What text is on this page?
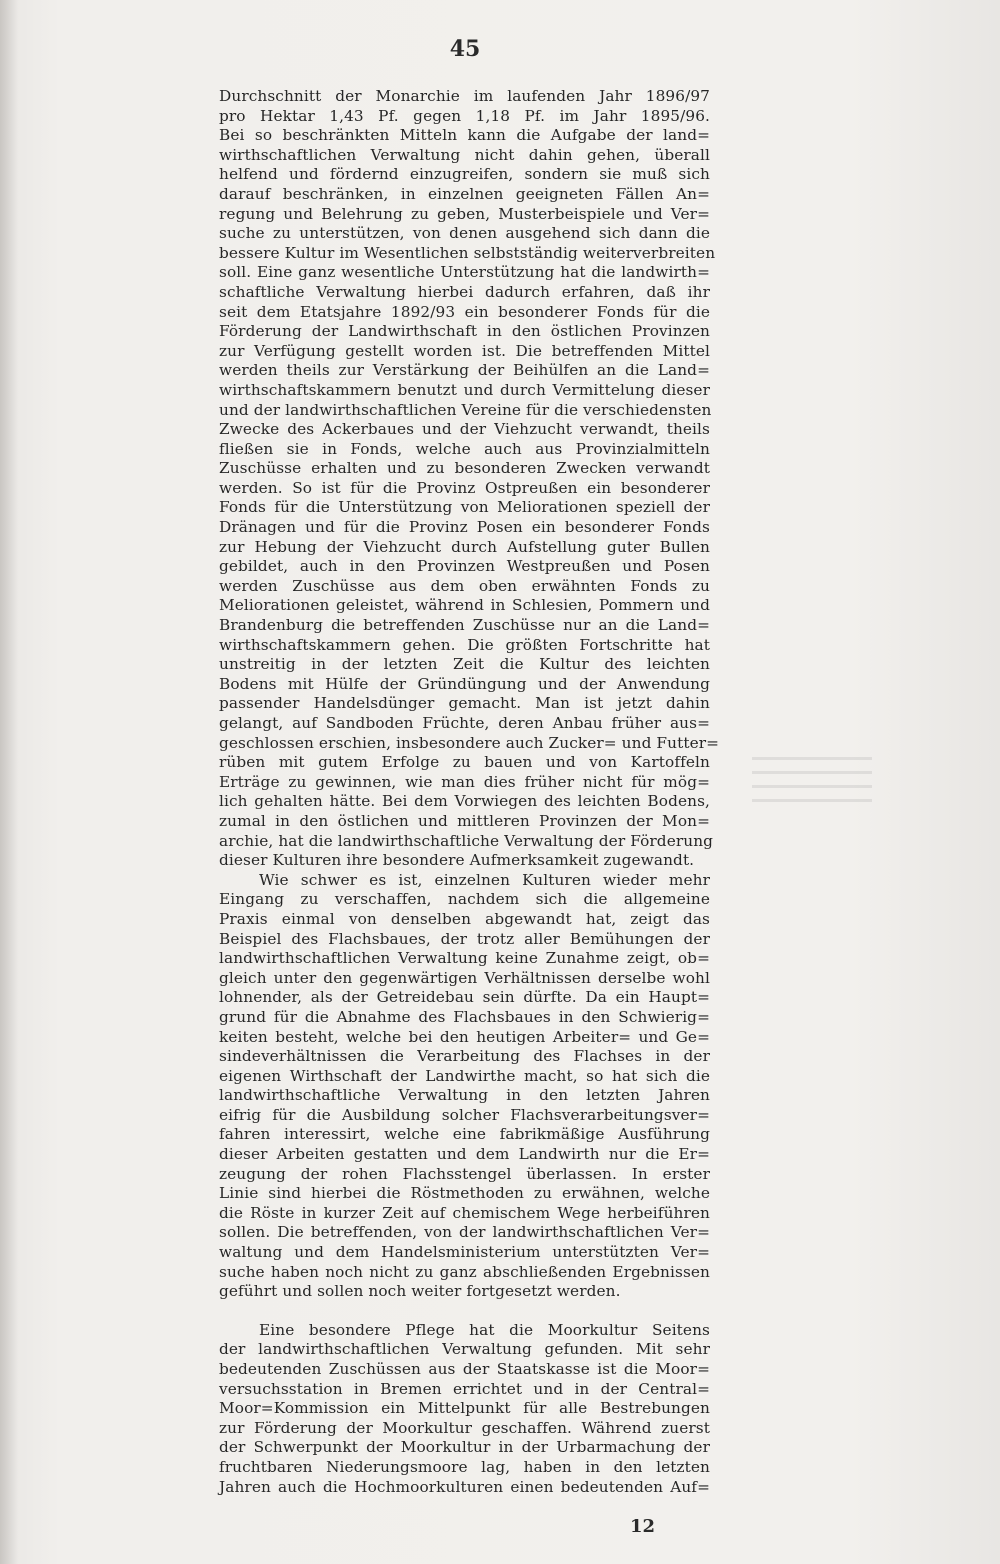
45
Durchschnitt der Monarchie im laufenden Jahr 1896/97
pro Hektar 1,43 Pf. gegen 1,18 Pf. im Jahr 1895/96.
Bei so beschränkten Mitteln kann die Aufgabe der land=
wirthschaftlichen Verwaltung nicht dahin gehen, überall
helfend und fördernd einzugreifen, sondern sie muß sich
darauf beschränken, in einzelnen geeigneten Fällen An=
regung und Belehrung zu geben, Musterbeispiele und Ver=
suche zu unterstützen, von denen ausgehend sich dann die
bessere Kultur im Wesentlichen selbstständig weiterverbreiten
soll. Eine ganz wesentliche Unterstützung hat die landwirth=
schaftliche Verwaltung hierbei dadurch erfahren, daß ihr
seit dem Etatsjahre 1892/93 ein besonderer Fonds für die
Förderung der Landwirthschaft in den östlichen Provinzen
zur Verfügung gestellt worden ist. Die betreffenden Mittel
werden theils zur Verstärkung der Beihülfen an die Land=
wirthschaftskammern benutzt und durch Vermittelung dieser
und der landwirthschaftlichen Vereine für die verschiedensten
Zwecke des Ackerbaues und der Viehzucht verwandt, theils
fließen sie in Fonds, welche auch aus Provinzialmitteln
Zuschüsse erhalten und zu besonderen Zwecken verwandt
werden. So ist für die Provinz Ostpreußen ein besonderer
Fonds für die Unterstützung von Meliorationen speziell der
Dränagen und für die Provinz Posen ein besonderer Fonds
zur Hebung der Viehzucht durch Aufstellung guter Bullen
gebildet, auch in den Provinzen Westpreußen und Posen
werden Zuschüsse aus dem oben erwähnten Fonds zu
Meliorationen geleistet, während in Schlesien, Pommern und
Brandenburg die betreffenden Zuschüsse nur an die Land=
wirthschaftskammern gehen. Die größten Fortschritte hat
unstreitig in der letzten Zeit die Kultur des leichten
Bodens mit Hülfe der Gründüngung und der Anwendung
passender Handelsdünger gemacht. Man ist jetzt dahin
gelangt, auf Sandboden Früchte, deren Anbau früher aus=
geschlossen erschien, insbesondere auch Zucker= und Futter=
rüben mit gutem Erfolge zu bauen und von Kartoffeln
Erträge zu gewinnen, wie man dies früher nicht für mög=
lich gehalten hätte. Bei dem Vorwiegen des leichten Bodens,
zumal in den östlichen und mittleren Provinzen der Mon=
archie, hat die landwirthschaftliche Verwaltung der Förderung
dieser Kulturen ihre besondere Aufmerksamkeit zugewandt.
Wie schwer es ist, einzelnen Kulturen wieder mehr
Eingang zu verschaffen, nachdem sich die allgemeine
Praxis einmal von denselben abgewandt hat, zeigt das
Beispiel des Flachsbaues, der trotz aller Bemühungen der
landwirthschaftlichen Verwaltung keine Zunahme zeigt, ob=
gleich unter den gegenwärtigen Verhältnissen derselbe wohl
lohnender, als der Getreidebau sein dürfte. Da ein Haupt=
grund für die Abnahme des Flachsbaues in den Schwierig=
keiten besteht, welche bei den heutigen Arbeiter= und Ge=
sindeverhältnissen die Verarbeitung des Flachses in der
eigenen Wirthschaft der Landwirthe macht, so hat sich die
landwirthschaftliche Verwaltung in den letzten Jahren
eifrig für die Ausbildung solcher Flachsverarbeitungsver=
fahren interessirt, welche eine fabrikmäßige Ausführung
dieser Arbeiten gestatten und dem Landwirth nur die Er=
zeugung der rohen Flachsstengel überlassen. In erster
Linie sind hierbei die Röstmethoden zu erwähnen, welche
die Röste in kurzer Zeit auf chemischem Wege herbeiführen
sollen. Die betreffenden, von der landwirthschaftlichen Ver=
waltung und dem Handelsministerium unterstützten Ver=
suche haben noch nicht zu ganz abschließenden Ergebnissen
geführt und sollen noch weiter fortgesetzt werden.
Eine besondere Pflege hat die Moorkultur Seitens
der landwirthschaftlichen Verwaltung gefunden. Mit sehr
bedeutenden Zuschüssen aus der Staatskasse ist die Moor=
versuchsstation in Bremen errichtet und in der Central=
Moor=Kommission ein Mittelpunkt für alle Bestrebungen
zur Förderung der Moorkultur geschaffen. Während zuerst
der Schwerpunkt der Moorkultur in der Urbarmachung der
fruchtbaren Niederungsmoore lag, haben in den letzten
Jahren auch die Hochmoorkulturen einen bedeutenden Auf=
12
